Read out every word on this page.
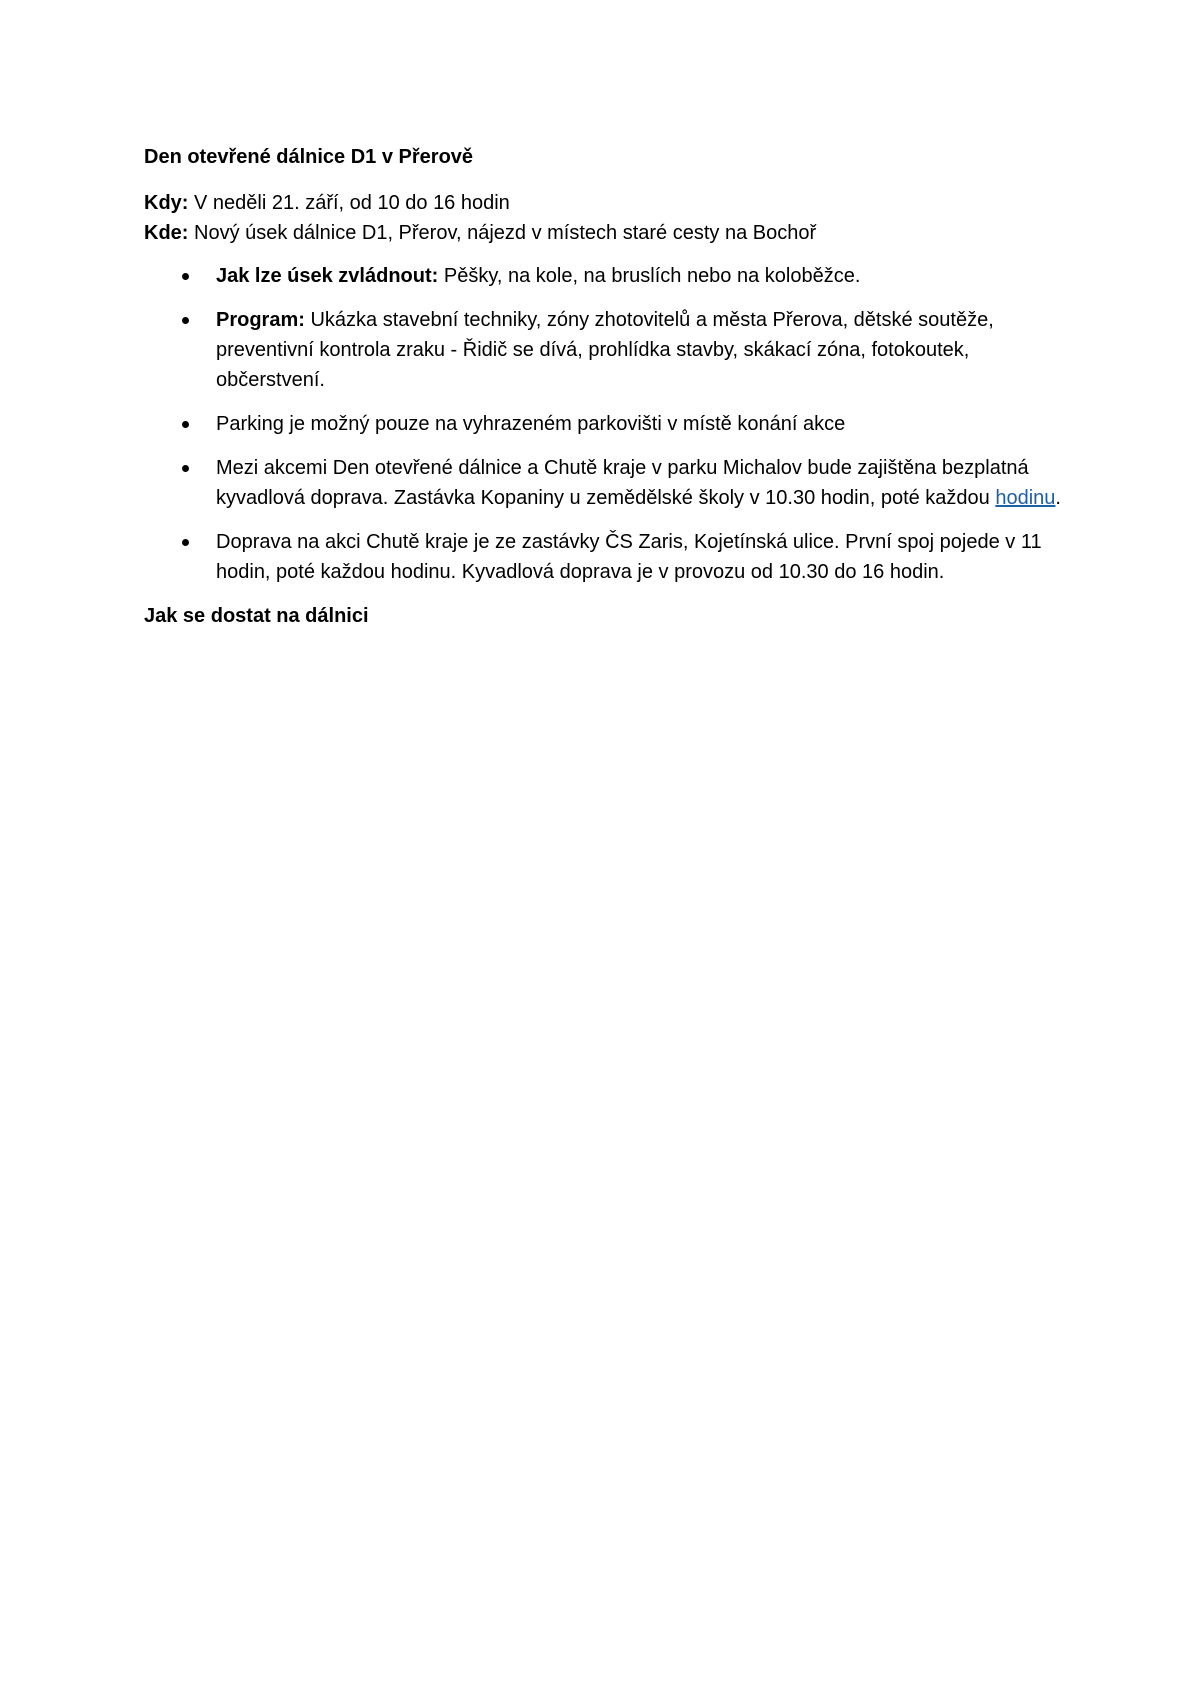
Den otevřené dálnice D1 v Přerově

Kdy: V neděli 21. září, od 10 do 16 hodin

Kde: Nový úsek dálnice D1, Přerov, nájezd v místech staré cesty na Bochoř

Jak lze úsek zvládnout: Pěšky, na kole, na bruslích nebo na koloběžce.
Program: Ukázka stavební techniky, zóny zhotovitelů a města Přerova, dětské soutěže, preventivní kontrola zraku - Řidič se dívá, prohlídka stavby, skákací zóna, fotokoutek, občerstvení.
Parking je možný pouze na vyhrazeném parkovišti v místě konání akce
Mezi akcemi Den otevřené dálnice a Chutě kraje v parku Michalov bude zajištěna bezplatná kyvadlová doprava. Zastávka Kopaniny u zemědělské školy v 10.30 hodin, poté každou hodinu.
Doprava na akci Chutě kraje je ze zastávky ČS Zaris, Kojetínská ulice. První spoj pojede v 11 hodin, poté každou hodinu. Kyvadlová doprava je v provozu od 10.30 do 16 hodin.

Jak se dostat na dálnici
